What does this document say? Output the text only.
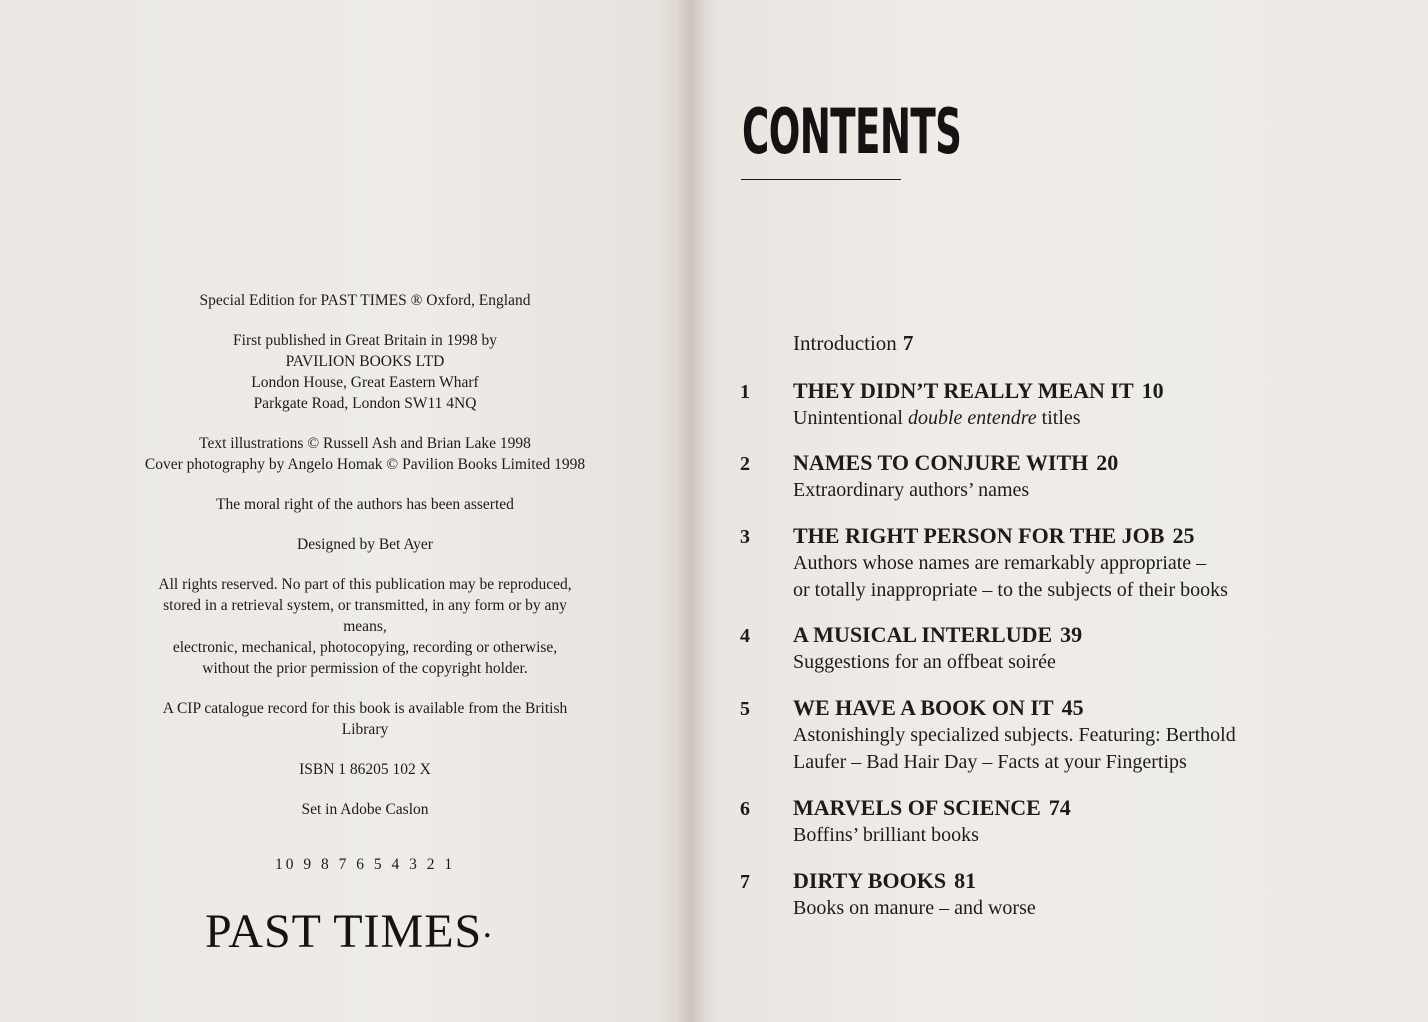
Special Edition for PAST TIMES ® Oxford, England

First published in Great Britain in 1998 by
PAVILION BOOKS LTD
London House, Great Eastern Wharf
Parkgate Road, London SW11 4NQ

Text illustrations © Russell Ash and Brian Lake 1998
Cover photography by Angelo Homak © Pavilion Books Limited 1998

The moral right of the authors has been asserted

Designed by Bet Ayer

All rights reserved. No part of this publication may be reproduced,
stored in a retrieval system, or transmitted, in any form or by any
means,
electronic, mechanical, photocopying, recording or otherwise,
without the prior permission of the copyright holder.

A CIP catalogue record for this book is available from the British
Library

ISBN 1 86205 102 X

Set in Adobe Caslon

10 9 8 7 6 5 4 3 2 1

PAST TIMES ●
CONTENTS
Introduction 7
1 THEY DIDN’T REALLY MEAN IT 10
Unintentional double entendre titles
2 NAMES TO CONJURE WITH 20
Extraordinary authors’ names
3 THE RIGHT PERSON FOR THE JOB 25
Authors whose names are remarkably appropriate –
or totally inappropriate – to the subjects of their books
4 A MUSICAL INTERLUDE 39
Suggestions for an offbeat soirée
5 WE HAVE A BOOK ON IT 45
Astonishingly specialized subjects. Featuring: Berthold
Laufer – Bad Hair Day – Facts at your Fingertips
6 MARVELS OF SCIENCE 74
Boffins’ brilliant books
7 DIRTY BOOKS 81
Books on manure – and worse
